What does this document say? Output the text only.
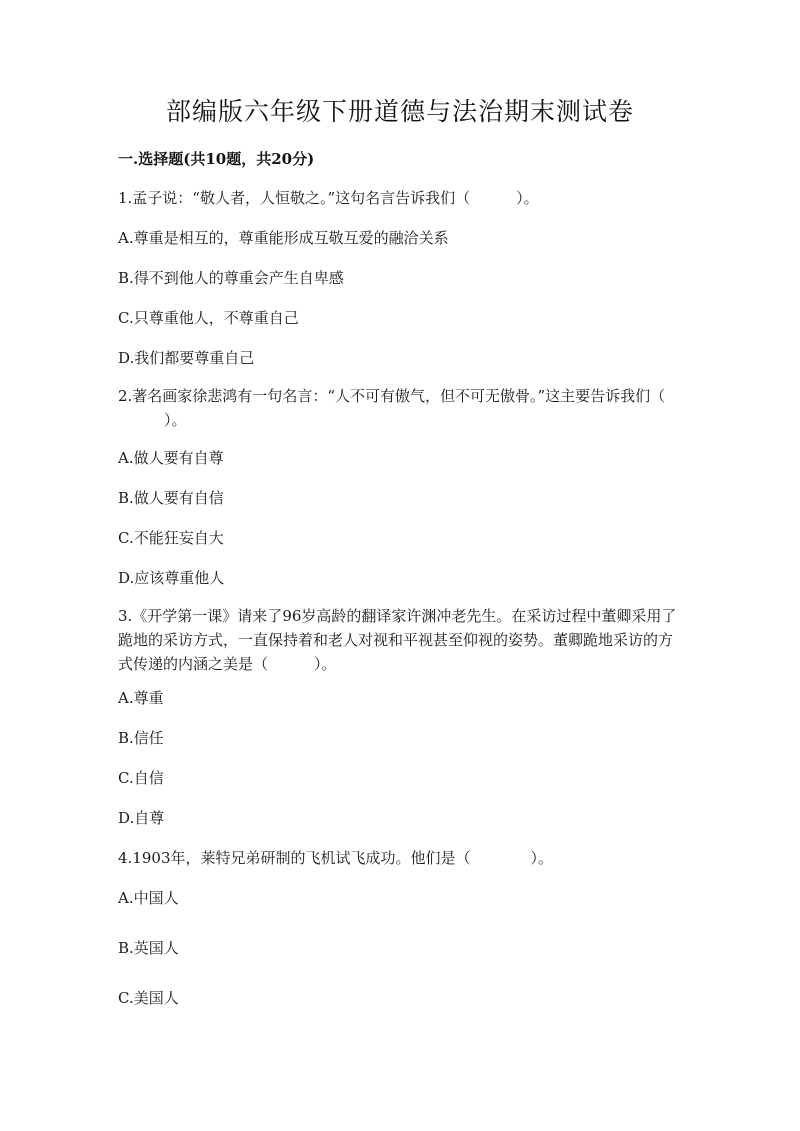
部编版六年级下册道德与法治期末测试卷
一.选择题(共10题，共20分)
1.孟子说：“敬人者，人恒敬之。”这句名言告诉我们（	）。
A.尊重是相互的，尊重能形成互敬互爱的融洽关系
B.得不到他人的尊重会产生自卑感
C.只尊重他人，不尊重自己
D.我们都要尊重自己
2.著名画家徐悲鸿有一句名言：“人不可有傲气，但不可无傲骨。”这主要告诉我们（）。
A.做人要有自尊
B.做人要有自信
C.不能狂妄自大
D.应该尊重他人
3.《开学第一课》请来了96岁高龄的翻译家许渊冲老先生。在采访过程中董卿采用了跪地的采访方式，一直保持着和老人对视和平视甚至仰视的姿势。董卿跪地采访的方式传递的内涵之美是（	）。
A.尊重
B.信任
C.自信
D.自尊
4.1903年，莱特兄弟研制的飞机试飞成功。他们是（	）。
A.中国人
B.英国人
C.美国人
